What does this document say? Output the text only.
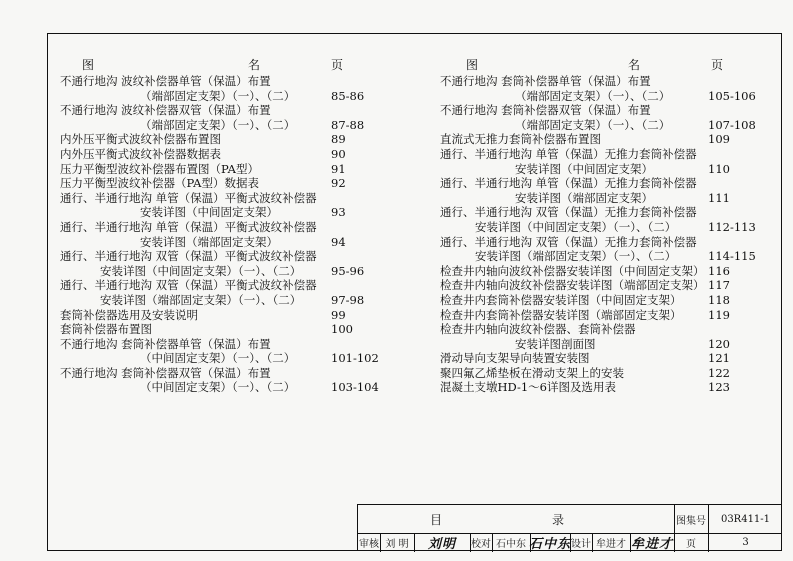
图	名	页
不通行地沟 波纹补偿器单管（保温）布置
（端部固定支架）（一）、（二）	85-86
不通行地沟 波纹补偿器双管（保温）布置
（端部固定支架）（一）、（二）	87-88
内外压平衡式波纹补偿器布置图	89
内外压平衡式波纹补偿器数据表	90
压力平衡型波纹补偿器布置图（PA型）	91
压力平衡型波纹补偿器（PA型）数据表	92
通行、半通行地沟 单管（保温）平衡式波纹补偿器
安装详图（中间固定支架）	93
通行、半通行地沟 单管（保温）平衡式波纹补偿器
安装详图（端部固定支架）	94
通行、半通行地沟 双管（保温）平衡式波纹补偿器
安装详图（中间固定支架）（一）、（二）	95-96
通行、半通行地沟 双管（保温）平衡式波纹补偿器
安装详图（端部固定支架）（一）、（二）	97-98
套筒补偿器选用及安装说明	99
套筒补偿器布置图	100
不通行地沟 套筒补偿器单管（保温）布置
（中间固定支架）（一）、（二）	101-102
不通行地沟 套筒补偿器双管（保温）布置
（中间固定支架）（一）、（二）	103-104
图	名	页
不通行地沟 套筒补偿器单管（保温）布置
（端部固定支架）（一）、（二）	105-106
不通行地沟 套筒补偿器双管（保温）布置
（端部固定支架）（一）、（二）	107-108
直流式无推力套筒补偿器布置图	109
通行、半通行地沟 单管（保温）无推力套筒补偿器
安装详图（中间固定支架）	110
通行、半通行地沟 单管（保温）无推力套筒补偿器
安装详图（端部固定支架）	111
通行、半通行地沟 双管（保温）无推力套筒补偿器
安装详图（中间固定支架）（一）、（二）	112-113
通行、半通行地沟 双管（保温）无推力套筒补偿器
安装详图（端部固定支架）（一）、（二）	114-115
检查井内轴向波纹补偿器安装详图（中间固定支架） 116
检查井内轴向波纹补偿器安装详图（端部固定支架） 117
检查井内套筒补偿器安装详图（中间固定支架） 118
检查井内套筒补偿器安装详图（端部固定支架） 119
检查井内轴向波纹补偿器、套筒补偿器
安装详图剖面图	120
滑动导向支架导向装置安装图	121
聚四氟乙烯垫板在滑动支架上的安装	122
混凝土支墩HD-1～6详图及选用表	123
目	录	图集号	03R411-1
审核 刘 明	刘明	校对 石中东 石中东 设计 牟进才 牟进才	页	3
